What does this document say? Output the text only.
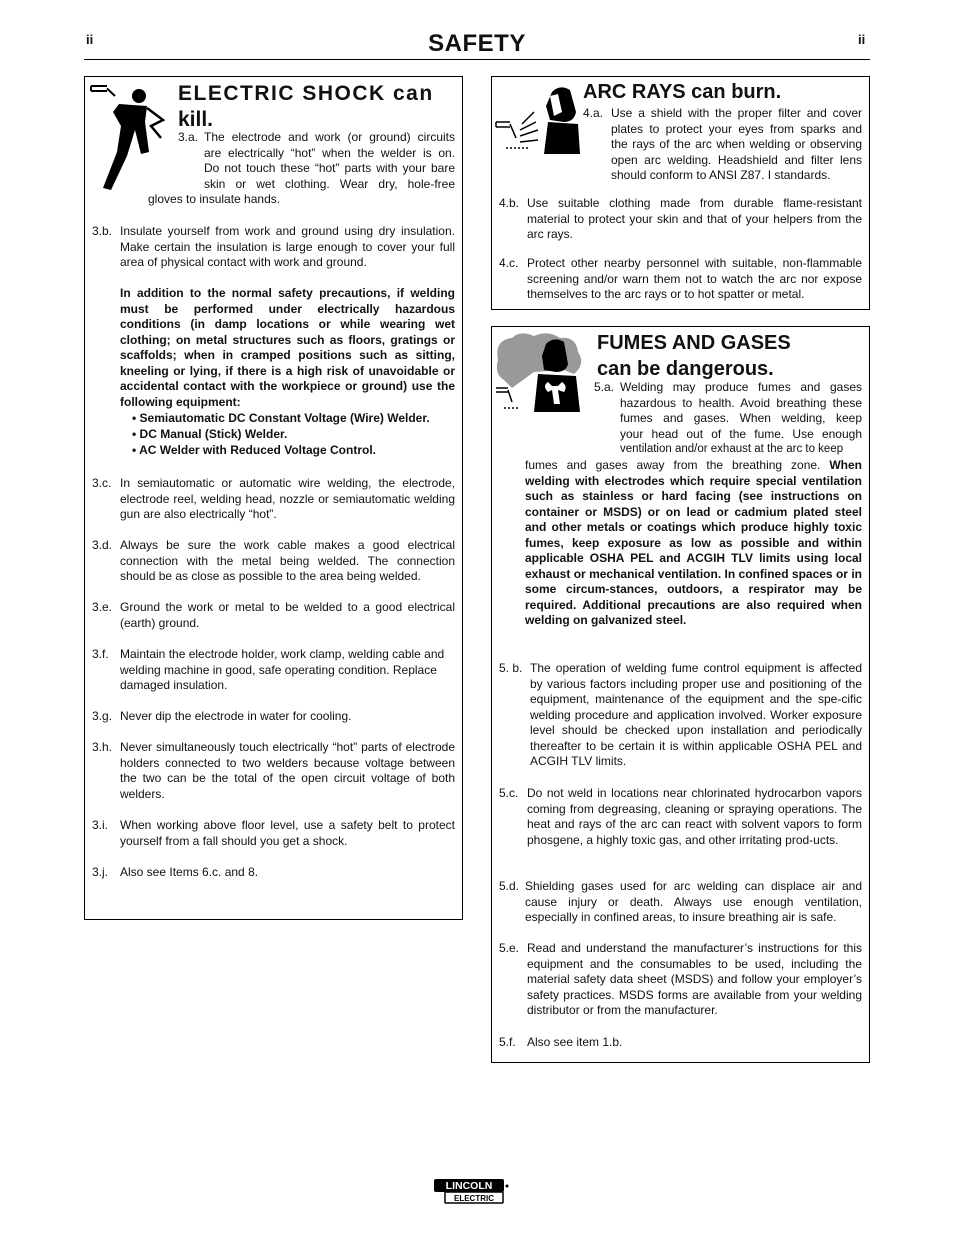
ii	ii
SAFETY
ELECTRIC SHOCK can
kill.
3.a. The electrode and work (or ground) circuits
are electrically “hot” when the welder is on.
Do not touch these “hot” parts with your bare
skin or wet clothing. Wear dry, hole-free
gloves to insulate hands.
3.b. Insulate yourself from work and ground using dry insulation. Make certain the insulation is large enough to cover your full area of physical contact with work and ground.
In addition to the normal safety precautions, if welding must be performed under electrically hazardous conditions (in damp locations or while wearing wet clothing; on metal structures such as floors, gratings or scaffolds; when in cramped positions such as sitting, kneeling or lying, if there is a high risk of unavoidable or accidental contact with the workpiece or ground) use the following equipment:
• Semiautomatic DC Constant Voltage (Wire) Welder.
• DC Manual (Stick) Welder.
• AC Welder with Reduced Voltage Control.
3.c. In semiautomatic or automatic wire welding, the electrode, electrode reel, welding head, nozzle or semiautomatic welding gun are also electrically “hot”.
3.d. Always be sure the work cable makes a good electrical connection with the metal being welded. The connection should be as close as possible to the area being welded.
3.e. Ground the work or metal to be welded to a good electrical (earth) ground.
3.f. Maintain the electrode holder, work clamp, welding cable and welding machine in good, safe operating condition. Replace damaged insulation.
3.g. Never dip the electrode in water for cooling.
3.h. Never simultaneously touch electrically “hot” parts of electrode holders connected to two welders because voltage between the two can be the total of the open circuit voltage of both welders.
3.i. When working above floor level, use a safety belt to protect yourself from a fall should you get a shock.
3.j. Also see Items 6.c. and 8.
ARC RAYS can burn.
4.a. Use a shield with the proper filter and cover
plates to protect your eyes from sparks and
the rays of the arc when welding or observing
open arc welding. Headshield and filter lens
should conform to ANSI Z87. I standards.
4.b. Use suitable clothing made from durable flame-resistant material to protect your skin and that of your helpers from the arc rays.
4.c. Protect other nearby personnel with suitable, non-flammable screening and/or warn them not to watch the arc nor expose themselves to the arc rays or to hot spatter or metal.
FUMES AND GASES
can be dangerous.
5.a. Welding may produce fumes and gases
hazardous to health. Avoid breathing these
fumes and gases. When welding, keep
your head out of the fume. Use enough
ventilation and/or exhaust at the arc to keep
fumes and gases away from the breathing zone. When welding with electrodes which require special ventilation such as stainless or hard facing (see instructions on container or MSDS) or on lead or cadmium plated steel and other metals or coatings which produce highly toxic fumes, keep exposure as low as possible and within applicable OSHA PEL and ACGIH TLV limits using local exhaust or mechanical ventilation. In confined spaces or in some circum-stances, outdoors, a respirator may be required. Additional precautions are also required when welding on galvanized steel.
5. b. The operation of welding fume control equipment is affected by various factors including proper use and positioning of the equipment, maintenance of the equipment and the spe-cific welding procedure and application involved. Worker exposure level should be checked upon installation and periodically thereafter to be certain it is within applicable OSHA PEL and ACGIH TLV limits.
5.c. Do not weld in locations near chlorinated hydrocarbon vapors coming from degreasing, cleaning or spraying operations. The heat and rays of the arc can react with solvent vapors to form phosgene, a highly toxic gas, and other irritating prod-ucts.
5.d. Shielding gases used for arc welding can displace air and cause injury or death. Always use enough ventilation, especially in confined areas, to insure breathing air is safe.
5.e. Read and understand the manufacturer’s instructions for this equipment and the consumables to be used, including the material safety data sheet (MSDS) and follow your employer’s safety practices. MSDS forms are available from your welding distributor or from the manufacturer.
5.f. Also see item 1.b.
LINCOLN
ELECTRIC
